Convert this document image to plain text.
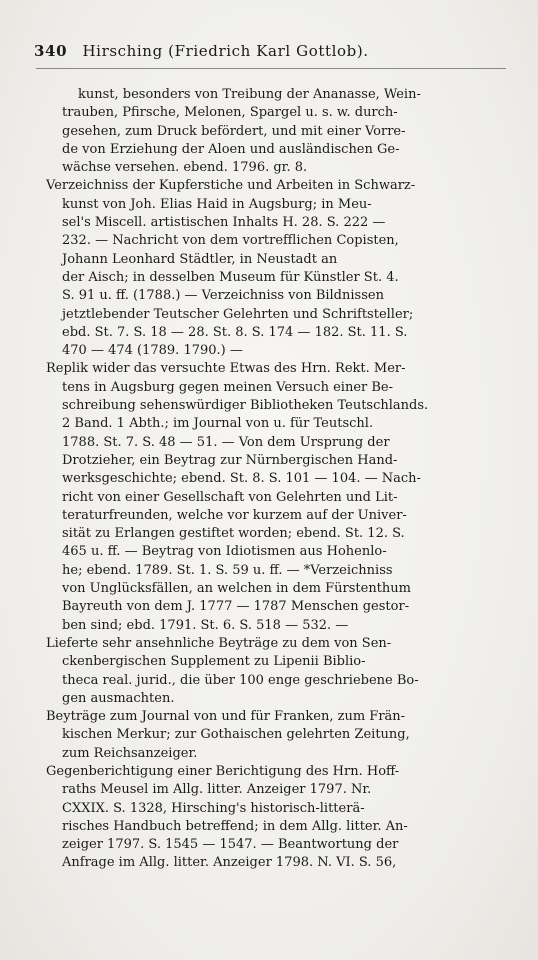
340 Hirsching (Friedrich Karl Gottlob).
kunst, besonders von Treibung der Ananasse, Wein-
trauben, Pfirsche, Melonen, Spargel u. s. w. durch-
gesehen, zum Druck befördert, und mit einer Vorre-
de von Erziehung der Aloen und ausländischen Ge-
wächse versehen. ebend. 1796. gr. 8.
Verzeichniss der Kupferstiche und Arbeiten in Schwarz-
kunst von Joh. Elias Haid in Augsburg; in Meu-
sel's Miscell. artistischen Inhalts H. 28. S. 222 —
232. — Nachricht von dem vortrefflichen Copisten,
Johann Leonhard Städtler, in Neustadt an
der Aisch; in desselben Museum für Künstler St. 4.
S. 91 u. ff. (1788.) — Verzeichniss von Bildnissen
jetztlebender Teutscher Gelehrten und Schriftsteller;
ebd. St. 7. S. 18 — 28. St. 8. S. 174 — 182. St. 11. S.
470 — 474 (1789. 1790.) —
Replik wider das versuchte Etwas des Hrn. Rekt. Mer-
tens in Augsburg gegen meinen Versuch einer Be-
schreibung sehenswürdiger Bibliotheken Teutschlands.
2 Band. 1 Abth.; im Journal von u. für Teutschl.
1788. St. 7. S. 48 — 51. — Von dem Ursprung der
Drotzieher, ein Beytrag zur Nürnbergischen Hand-
werksgeschichte; ebend. St. 8. S. 101 — 104. — Nach-
richt von einer Gesellschaft von Gelehrten und Lit-
teraturfreunden, welche vor kurzem auf der Univer-
sität zu Erlangen gestiftet worden; ebend. St. 12. S.
465 u. ff. — Beytrag von Idiotismen aus Hohenlo-
he; ebend. 1789. St. 1. S. 59 u. ff. — *Verzeichniss
von Unglücksfällen, an welchen in dem Fürstenthum
Bayreuth von dem J. 1777 — 1787 Menschen gestor-
ben sind; ebd. 1791. St. 6. S. 518 — 532. —
Lieferte sehr ansehnliche Beyträge zu dem von Sen-
ckenbergischen Supplement zu Lipenii Biblio-
theca real. jurid., die über 100 enge geschriebene Bo-
gen ausmachten.
Beyträge zum Journal von und für Franken, zum Frän-
kischen Merkur; zur Gothaischen gelehrten Zeitung,
zum Reichsanzeiger.
Gegenberichtigung einer Berichtigung des Hrn. Hoff-
raths Meusel im Allg. litter. Anzeiger 1797. Nr.
CXXIX. S. 1328, Hirsching's historisch-litterä-
risches Handbuch betreffend; in dem Allg. litter. An-
zeiger 1797. S. 1545 — 1547. — Beantwortung der
Anfrage im Allg. litter. Anzeiger 1798. N. VI. S. 56,
